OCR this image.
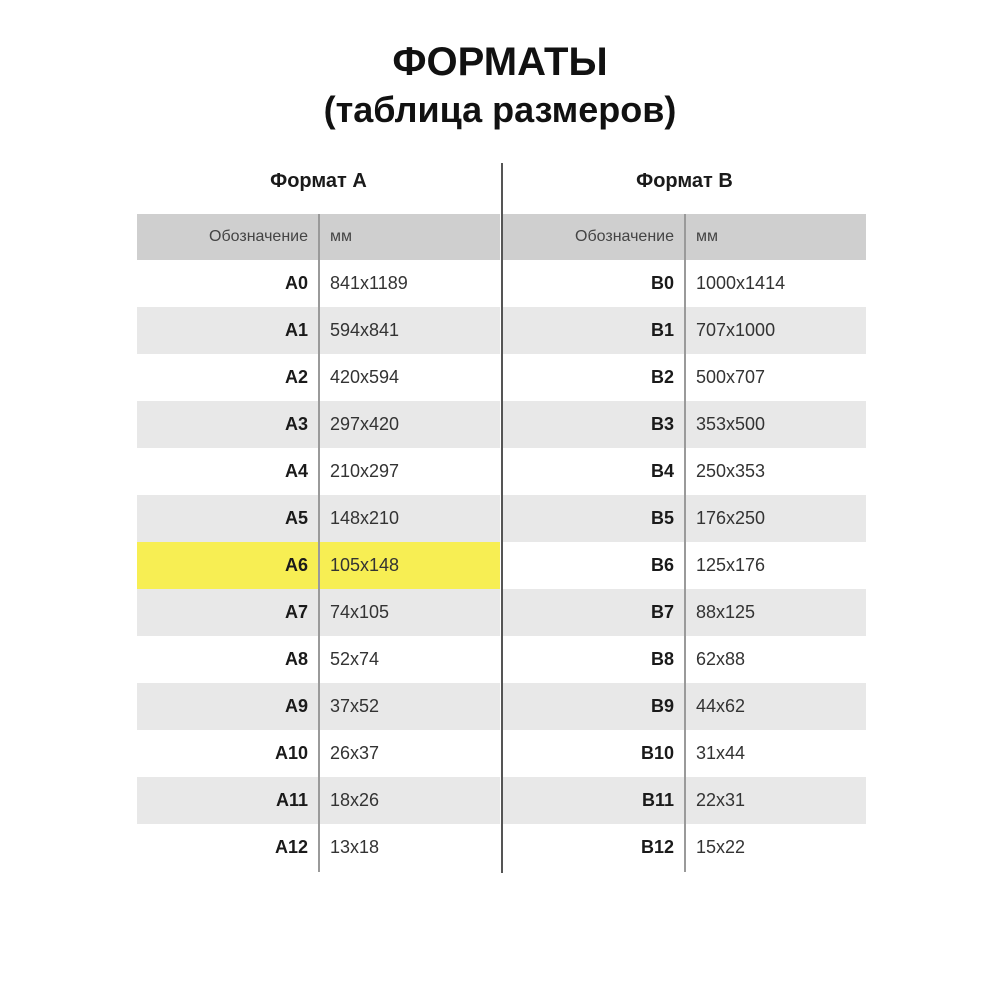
ФОРМАТЫ
(таблица размеров)
Формат А	Формат В
Обозначение	мм
A0	841x1189
A1	594x841
A2	420x594
A3	297x420
A4	210x297
A5	148x210
A6	105x148
A7	74x105
A8	52x74
A9	37x52
A10	26x37
A11	18x26
A12	13x18
Обозначение	мм
B0	1000x1414
B1	707x1000
B2	500x707
B3	353x500
B4	250x353
B5	176x250
B6	125x176
B7	88x125
B8	62x88
B9	44x62
B10	31x44
B11	22x31
B12	15x22
